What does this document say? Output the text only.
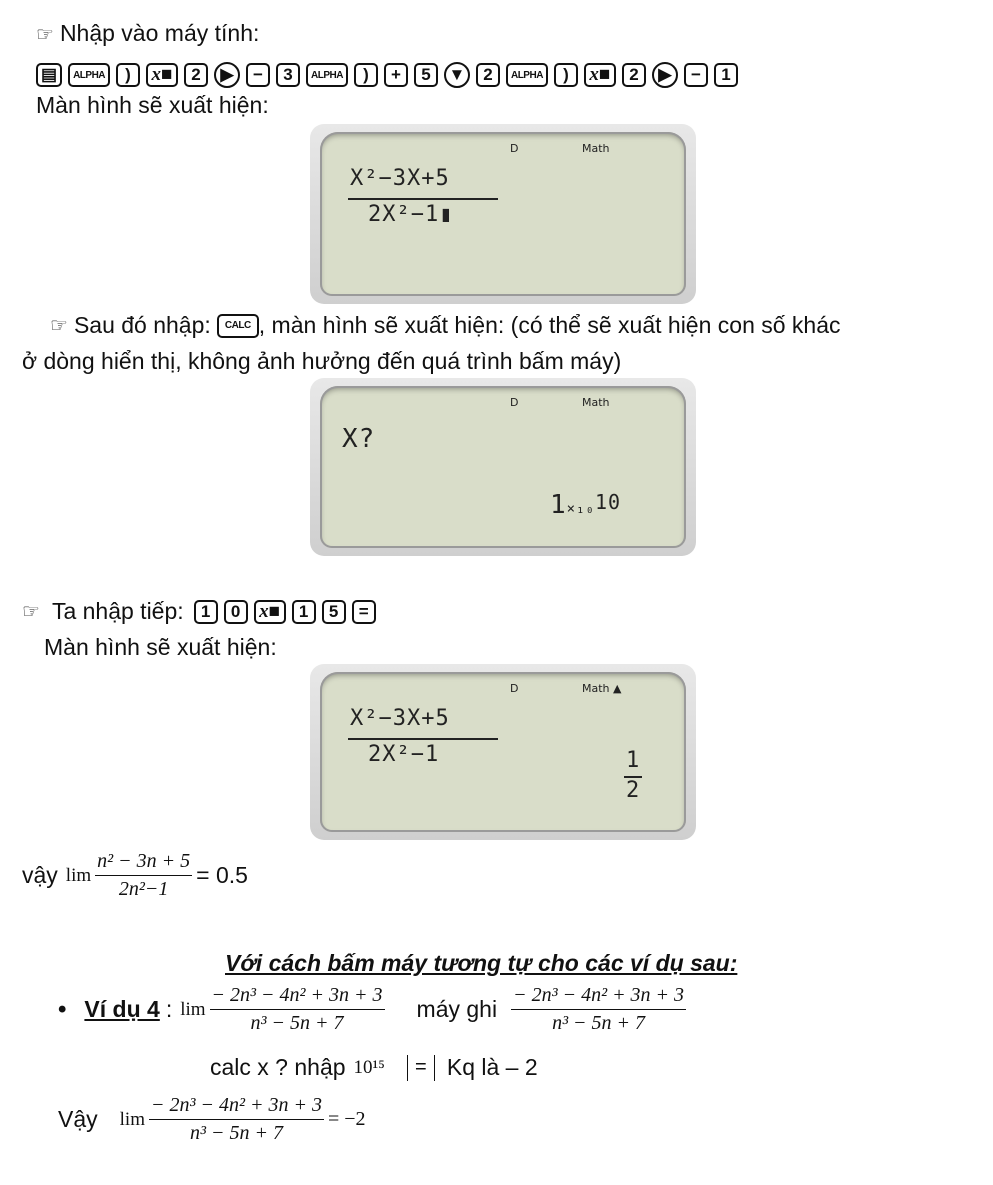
☞ Nhập vào máy tính:
▤	ALPHA	)	x■	2	▶	−	3	ALPHA	)	+	5	▼	2	ALPHA	)	x■	2	▶	−	1
Màn hình sẽ xuất hiện:
D	Math
X²−3X+5
2X²−1▮
☞ Sau đó nhập:	CALC , màn hình sẽ xuất hiện: (có thể sẽ xuất hiện con số khác
ở dòng hiển thị, không ảnh hưởng đến quá trình bấm máy)
D	Math
X?
1×₁₀$^{10}$
☞ Ta nhập tiếp:	1	0 x■	1	5	=
Màn hình sẽ xuất hiện:
D	Math ▲
X²−3X+5
2X²−1	1
2
vậy $\lim \frac{\text{n² − 3n + 5}}{\text{2n²−1}} = 0.5$
Với cách bấm máy tương tự cho các ví dụ sau:
• Ví dụ 4 : $\lim \frac{\text{− 2n³ − 4n² + 3n + 3}}{\text{n³ − 5n + 7}}$ máy ghi $\frac{\text{− 2n³ − 4n² + 3n + 3}}{\text{n³ − 5n + 7}}$
calc x ? nhập 10¹⁵	= Kq là – 2
Vậy $\lim \frac{\text{− 2n³ − 4n² + 3n + 3}}{\text{n³ − 5n + 7}} = -2$
